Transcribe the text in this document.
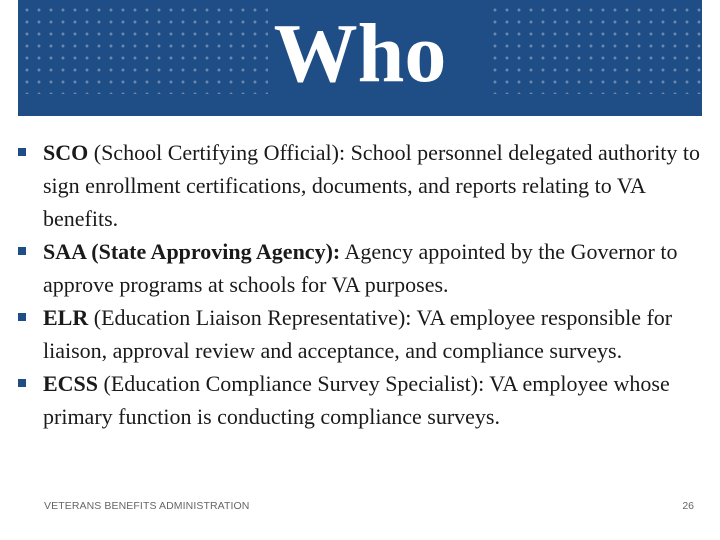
Who
SCO (School Certifying Official): School personnel delegated authority to sign enrollment certifications, documents, and reports relating to VA benefits.
SAA (State Approving Agency): Agency appointed by the Governor to approve programs at schools for VA purposes.
ELR (Education Liaison Representative): VA employee responsible for liaison, approval review and acceptance, and compliance surveys.
ECSS (Education Compliance Survey Specialist): VA employee whose primary function is conducting compliance surveys.
VETERANS BENEFITS ADMINISTRATION	26
